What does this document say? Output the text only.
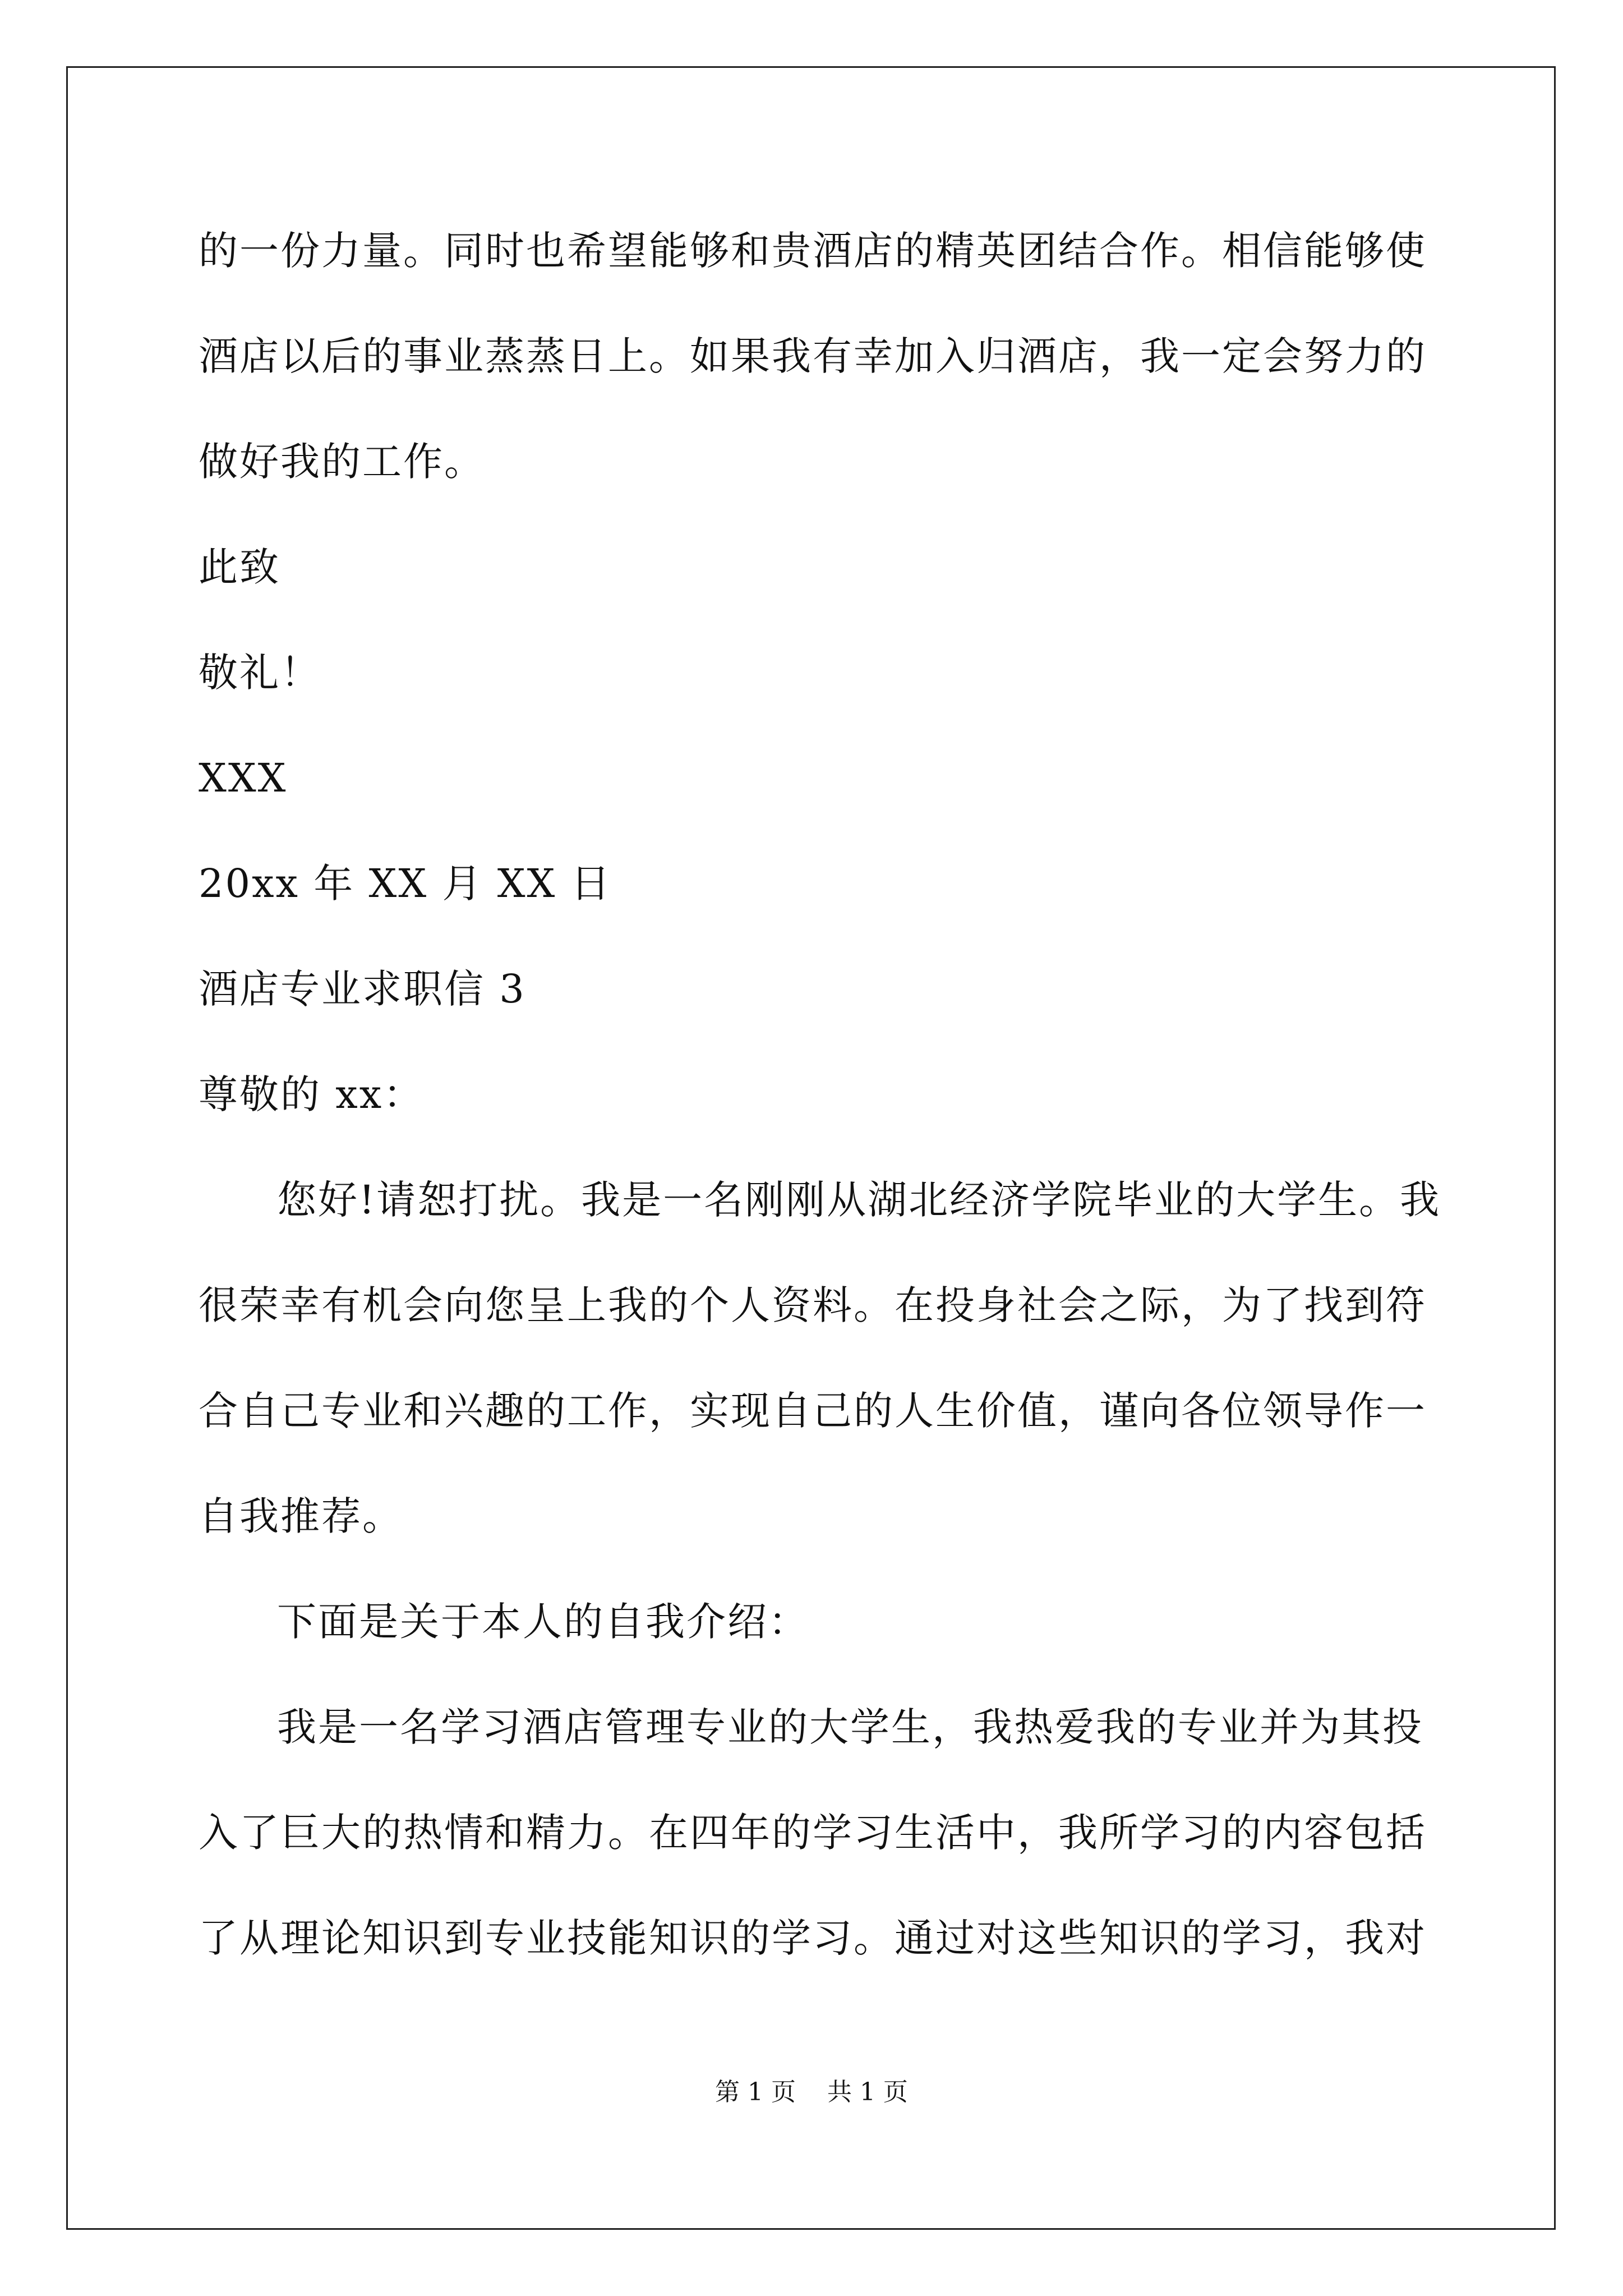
的一份力量。同时也希望能够和贵酒店的精英团结合作。相信能够使
酒店以后的事业蒸蒸日上。如果我有幸加入归酒店，我一定会努力的
做好我的工作。
此致
敬礼！
XXX
20xx 年 XX 月 XX 日
酒店专业求职信 3
尊敬的 xx：
您好!请恕打扰。我是一名刚刚从湖北经济学院毕业的大学生。我
很荣幸有机会向您呈上我的个人资料。在投身社会之际，为了找到符
合自己专业和兴趣的工作，实现自己的人生价值，谨向各位领导作一
自我推荐。
下面是关于本人的自我介绍：
我是一名学习酒店管理专业的大学生，我热爱我的专业并为其投
入了巨大的热情和精力。在四年的学习生活中，我所学习的内容包括
了从理论知识到专业技能知识的学习。通过对这些知识的学习，我对
第 1 页    共 1 页
